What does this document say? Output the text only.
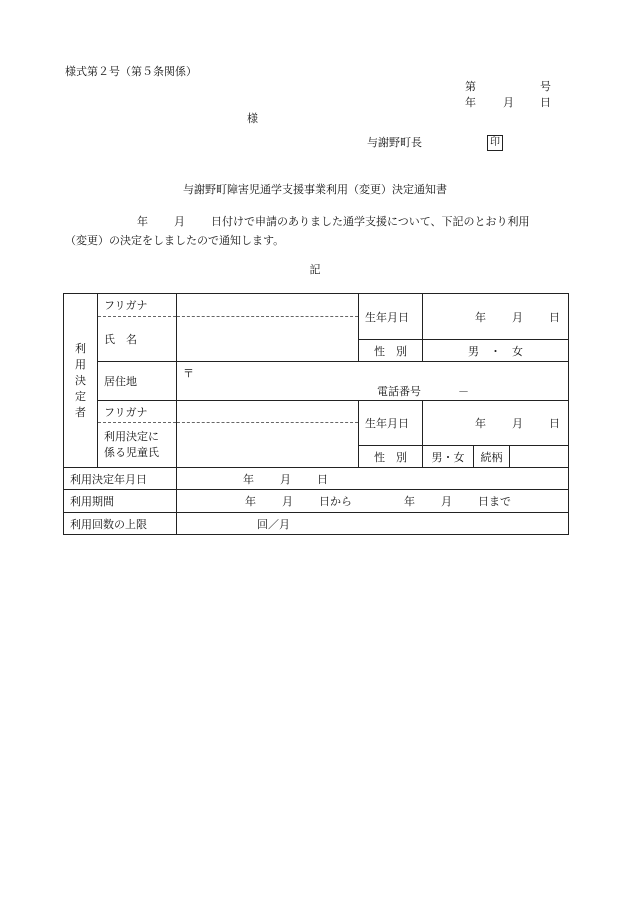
様式第２号（第５条関係）
第	号
年 月 日
様
与謝野町長	印
与謝野町障害児通学支援事業利用（変更）決定通知書
年 月 日付けで申請のありました通学支援について、下記のとおり利用
（変更）の決定をしましたので通知します。
記
利
用
決
定
者	フリガナ		生年月日	年 月 日		
	氏　名					
			性　別	男　・　女		
	居住地	〒
電話番号 －				

	フリガナ		生年月日	年 月 日		

	利用決定に
係る児童氏					

			性　別	男・女	続柄	
利用決定年月日		年 月 日				
利用期間		年 月 日から 年 月 日まで				
利用回数の上限		回／月				
